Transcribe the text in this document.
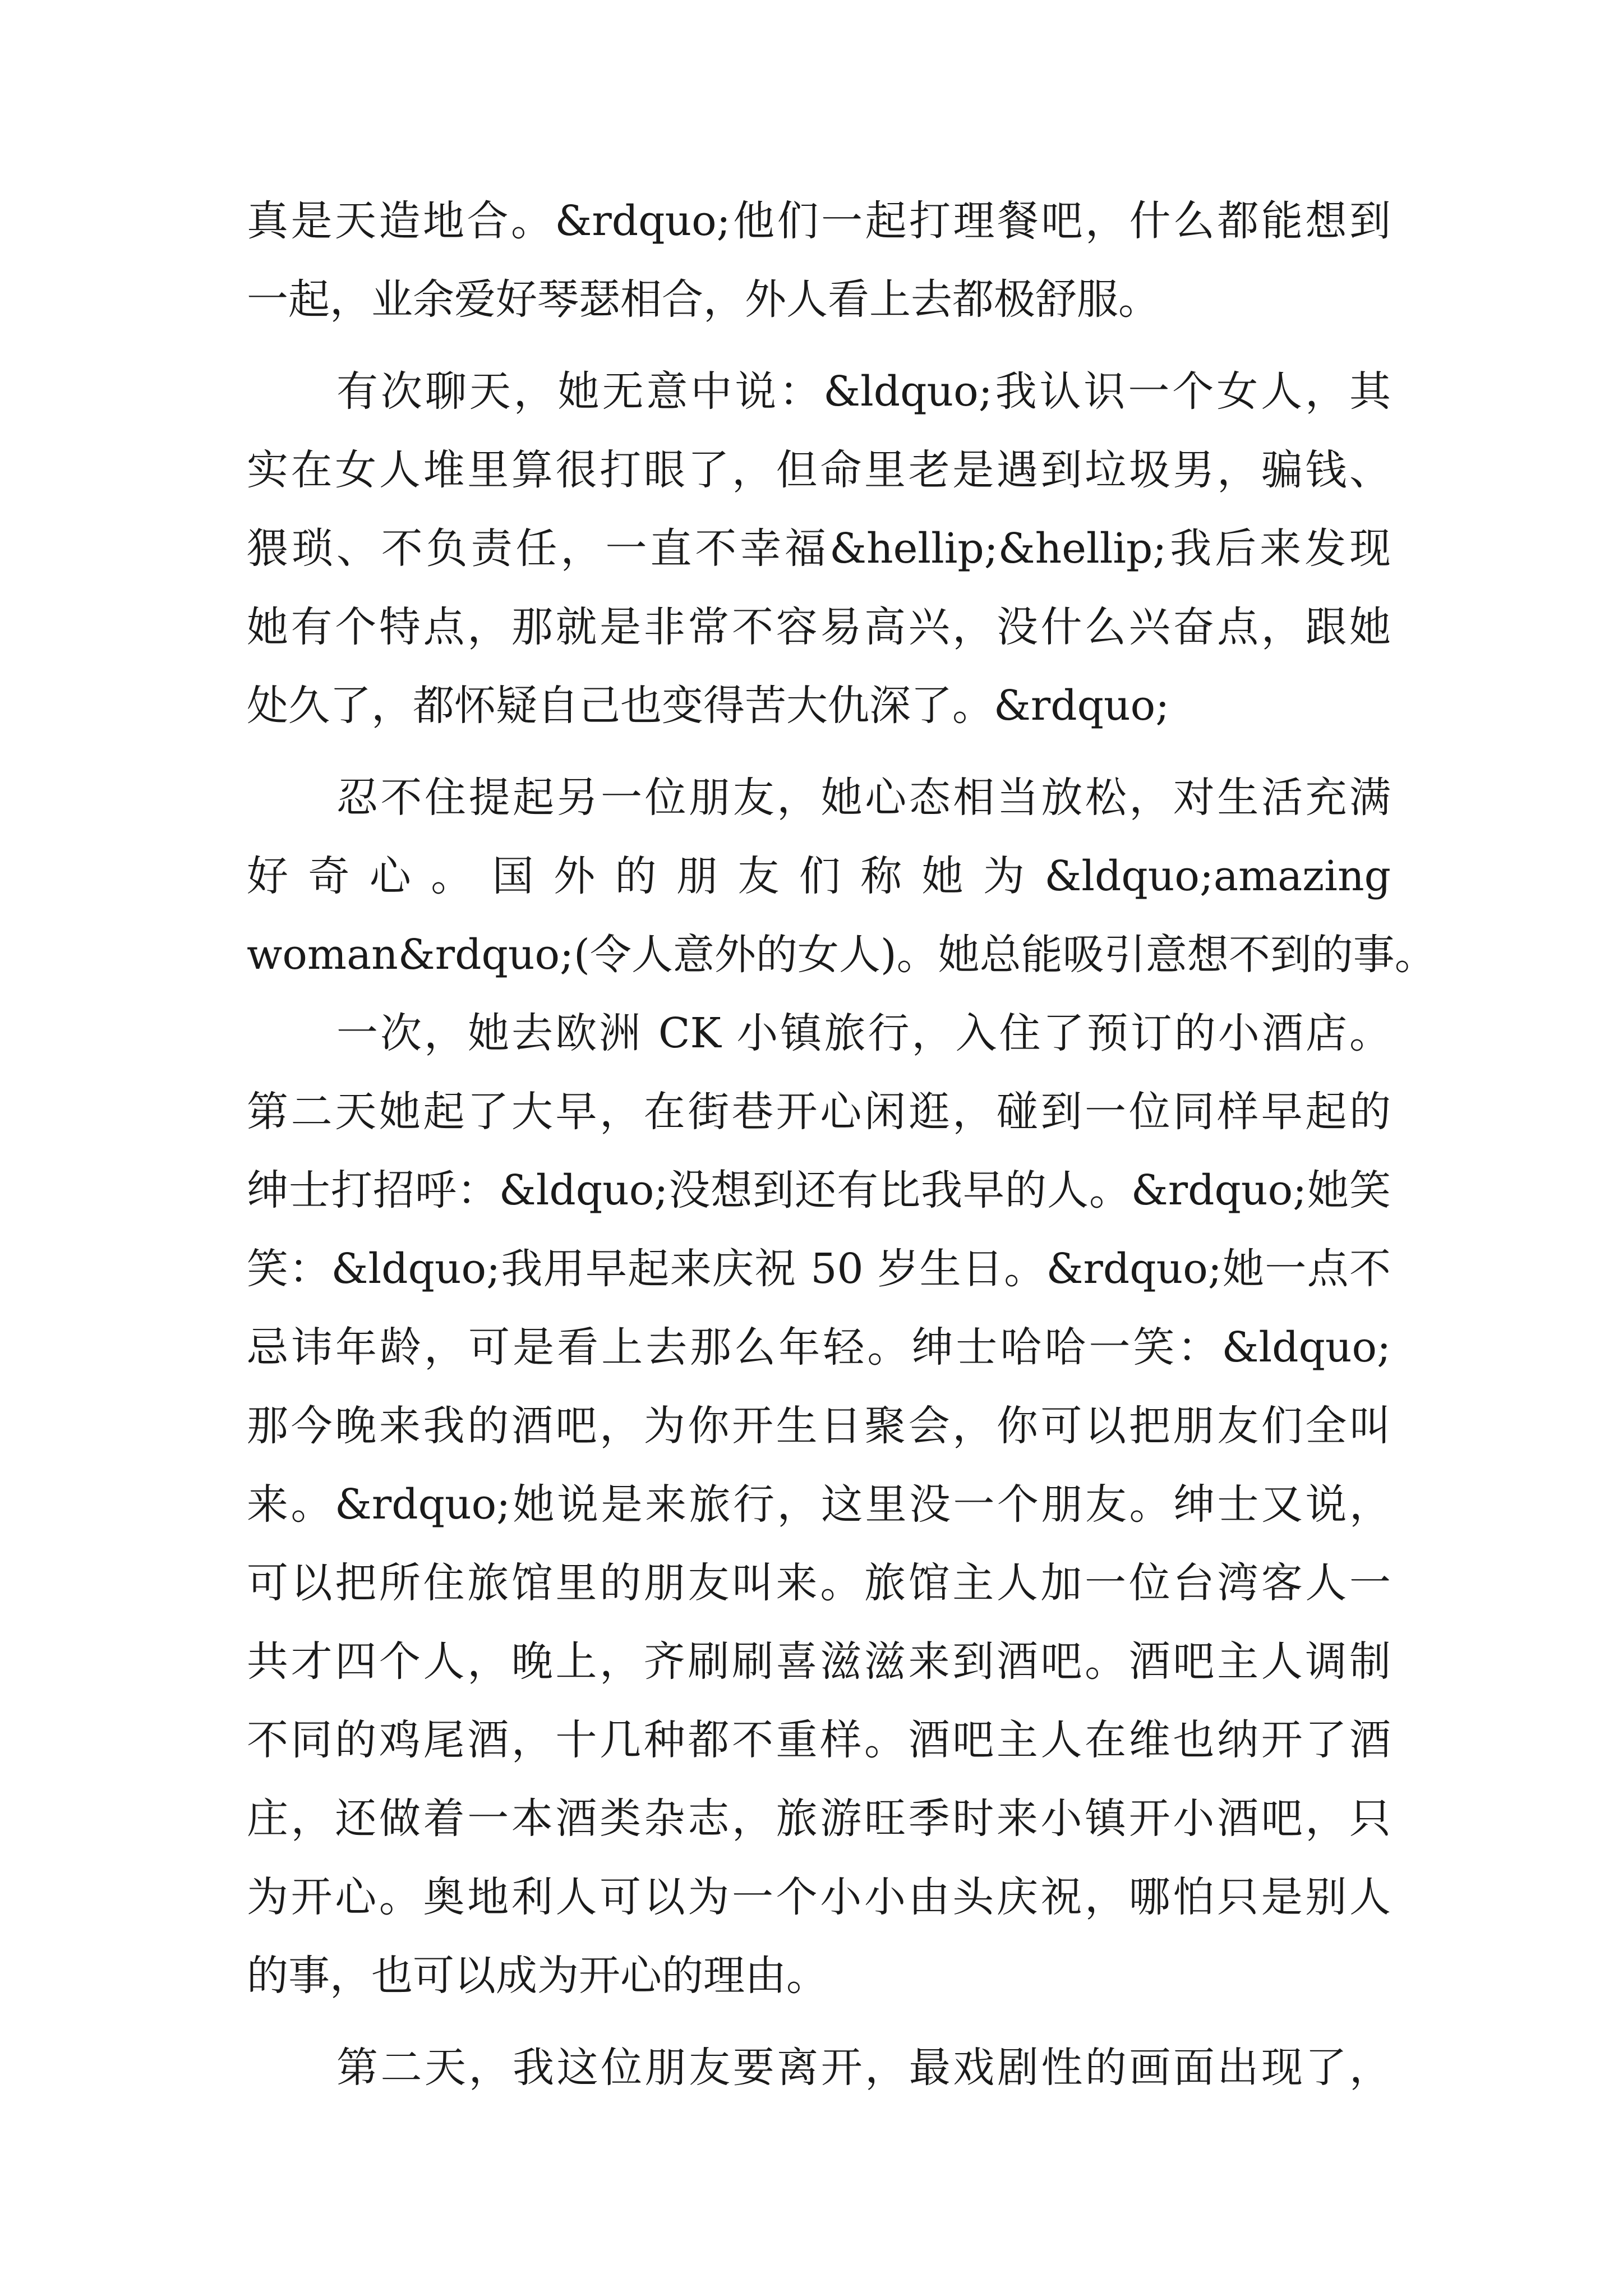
真是天造地合。&rdquo;他们一起打理餐吧，什么都能想到

一起，业余爱好琴瑟相合，外人看上去都极舒服。

有次聊天，她无意中说：&ldquo;我认识一个女人，其

实在女人堆里算很打眼了，但命里老是遇到垃圾男，骗钱、

猥琐、不负责任，一直不幸福&hellip;&hellip;我后来发现

她有个特点，那就是非常不容易高兴，没什么兴奋点，跟她

处久了，都怀疑自己也变得苦大仇深了。&rdquo;

忍不住提起另一位朋友，她心态相当放松，对生活充满

好 奇 心 。 国 外 的 朋 友 们 称 她 为 &ldquo;amazing

woman&rdquo;(令人意外的女人)。她总能吸引意想不到的事。

一次，她去欧洲 CK 小镇旅行，入住了预订的小酒店。

第二天她起了大早，在街巷开心闲逛，碰到一位同样早起的

绅士打招呼：&ldquo;没想到还有比我早的人。&rdquo;她笑

笑：&ldquo;我用早起来庆祝 50 岁生日。&rdquo;她一点不

忌讳年龄，可是看上去那么年轻。绅士哈哈一笑：&ldquo;

那今晚来我的酒吧，为你开生日聚会，你可以把朋友们全叫

来。&rdquo;她说是来旅行，这里没一个朋友。绅士又说，

可以把所住旅馆里的朋友叫来。旅馆主人加一位台湾客人一

共才四个人，晚上，齐刷刷喜滋滋来到酒吧。酒吧主人调制

不同的鸡尾酒，十几种都不重样。酒吧主人在维也纳开了酒

庄，还做着一本酒类杂志，旅游旺季时来小镇开小酒吧，只

为开心。奥地利人可以为一个小小由头庆祝，哪怕只是别人

的事，也可以成为开心的理由。

第二天，我这位朋友要离开，最戏剧性的画面出现了，
